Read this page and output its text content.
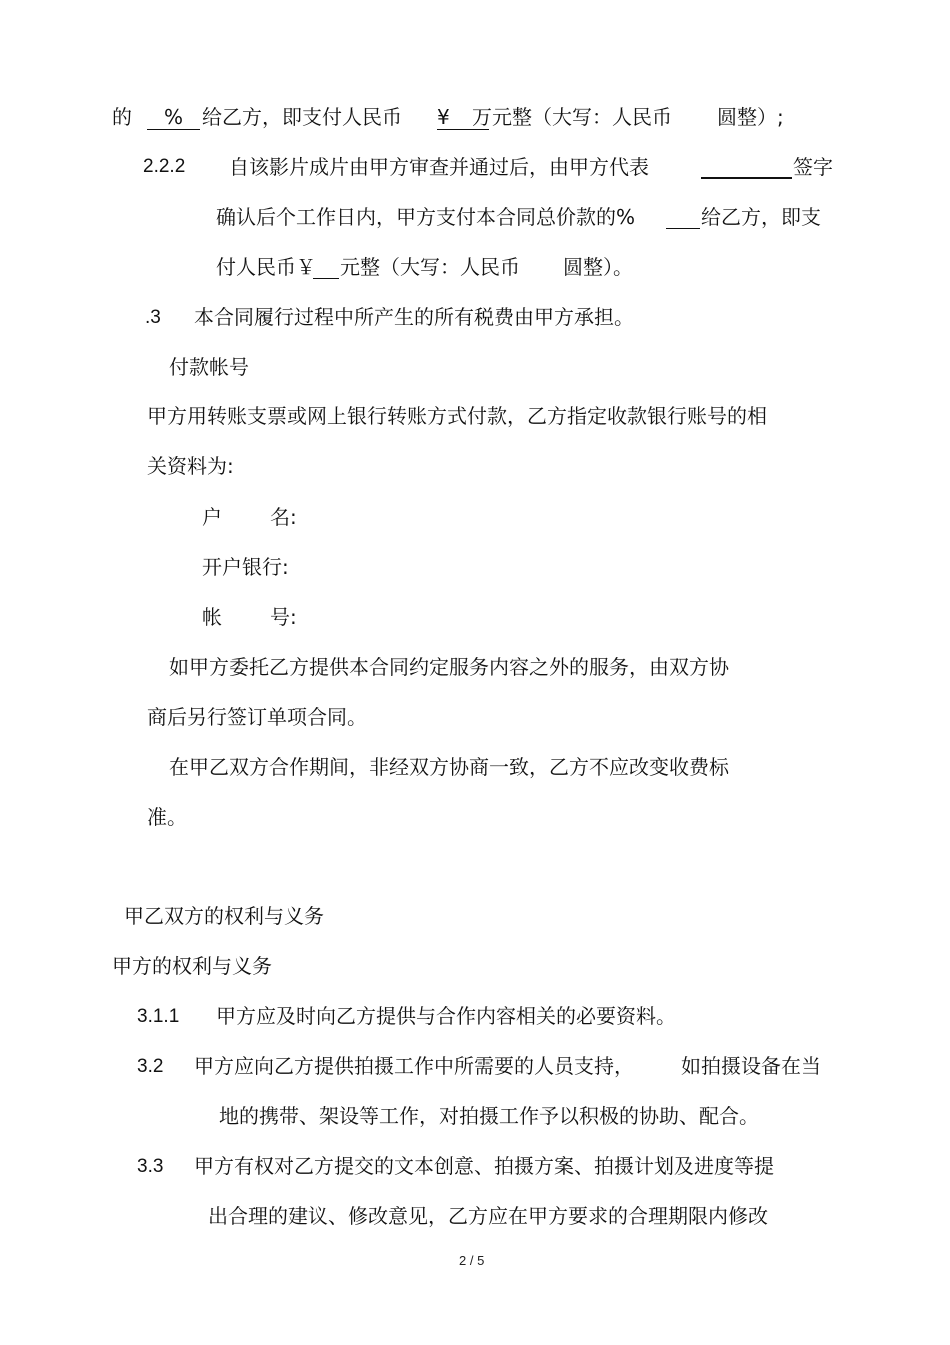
的	% 给乙方，即支付人民币 ¥	万元整（大写：人民币 圆整）;
2.2.2 自该影片成片由甲方审查并通过后，由甲方代表	签字
确认后个工作日内，甲方支付本合同总价款的%	给乙方，即支
付人民币￥ 元整（大写：人民币 圆整）。
.3 本合同履行过程中所产生的所有税费由甲方承担。
付款帐号
甲方用转账支票或网上银行转账方式付款，乙方指定收款银行账号的相
关资料为:
户 名:
开户银行:
帐 号:
如甲方委托乙方提供本合同约定服务内容之外的服务，由双方协
商后另行签订单项合同。
在甲乙双方合作期间，非经双方协商一致，乙方不应改变收费标
准。
甲乙双方的权利与义务
甲方的权利与义务
3.1.1 甲方应及时向乙方提供与合作内容相关的必要资料。
3.2 甲方应向乙方提供拍摄工作中所需要的人员支持， 如拍摄设备在当
地的携带、架设等工作，对拍摄工作予以积极的协助、配合。
3.3 甲方有权对乙方提交的文本创意、拍摄方案、拍摄计划及进度等提
出合理的建议、修改意见，乙方应在甲方要求的合理期限内修改
2 / 5
